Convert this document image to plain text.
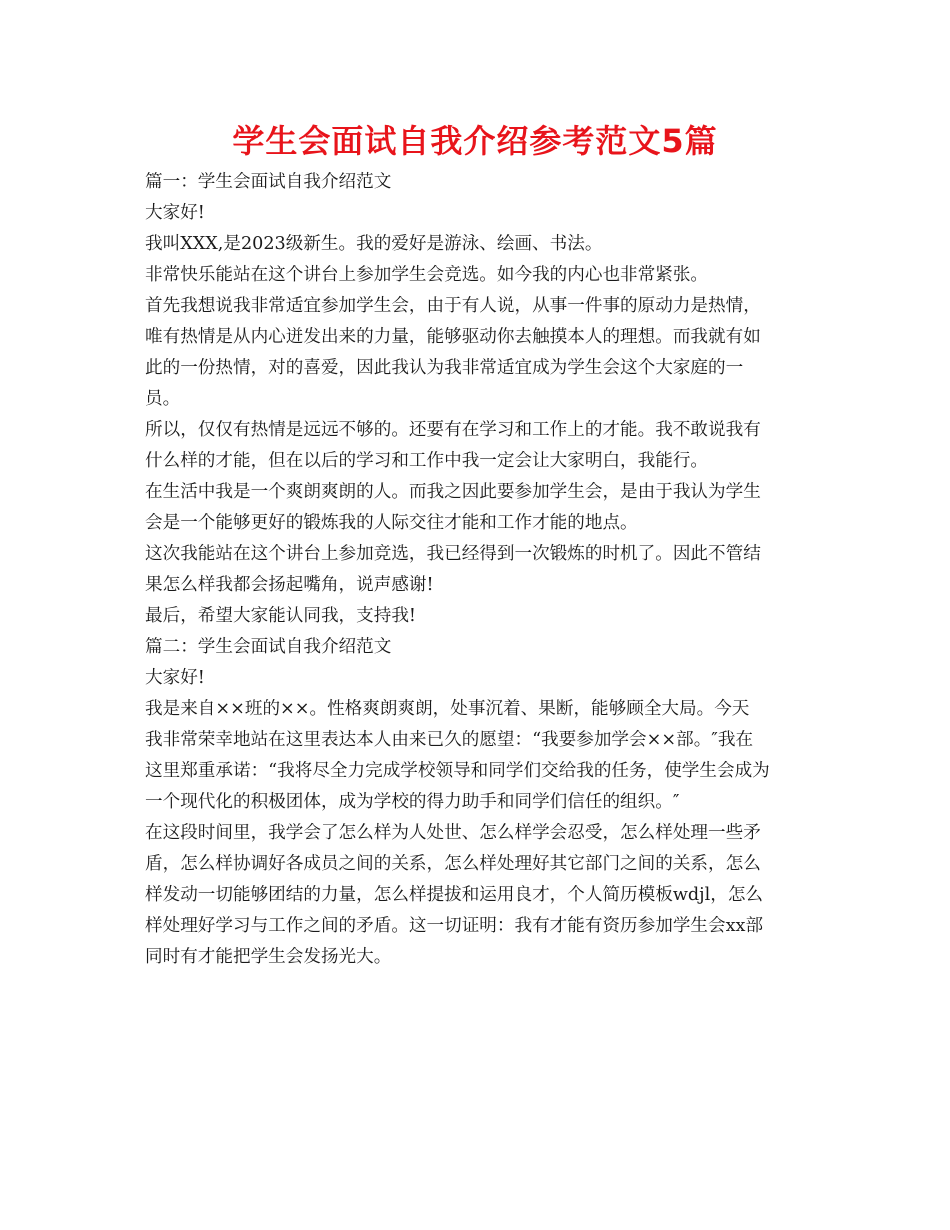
学生会面试自我介绍参考范文5篇
篇一：学生会面试自我介绍范文
大家好!
我叫XXX,是2023级新生。我的爱好是游泳、绘画、书法。
非常快乐能站在这个讲台上参加学生会竞选。如今我的内心也非常紧张。
首先我想说我非常适宜参加学生会，由于有人说，从事一件事的原动力是热情，
唯有热情是从内心迸发出来的力量，能够驱动你去触摸本人的理想。而我就有如
此的一份热情，对的喜爱，因此我认为我非常适宜成为学生会这个大家庭的一
员。
所以，仅仅有热情是远远不够的。还要有在学习和工作上的才能。我不敢说我有
什么样的才能，但在以后的学习和工作中我一定会让大家明白，我能行。
在生活中我是一个爽朗爽朗的人。而我之因此要参加学生会，是由于我认为学生
会是一个能够更好的锻炼我的人际交往才能和工作才能的地点。
这次我能站在这个讲台上参加竞选，我已经得到一次锻炼的时机了。因此不管结
果怎么样我都会扬起嘴角，说声感谢!
最后，希望大家能认同我，支持我!
篇二：学生会面试自我介绍范文
大家好!
我是来自××班的××。性格爽朗爽朗，处事沉着、果断，能够顾全大局。今天
我非常荣幸地站在这里表达本人由来已久的愿望：“我要参加学会××部。″我在
这里郑重承诺：“我将尽全力完成学校领导和同学们交给我的任务，使学生会成为
一个现代化的积极团体，成为学校的得力助手和同学们信任的组织。″
在这段时间里，我学会了怎么样为人处世、怎么样学会忍受，怎么样处理一些矛
盾，怎么样协调好各成员之间的关系，怎么样处理好其它部门之间的关系，怎么
样发动一切能够团结的力量，怎么样提拔和运用良才，个人简历模板wdjl，怎么
样处理好学习与工作之间的矛盾。这一切证明：我有才能有资历参加学生会xx部
同时有才能把学生会发扬光大。
